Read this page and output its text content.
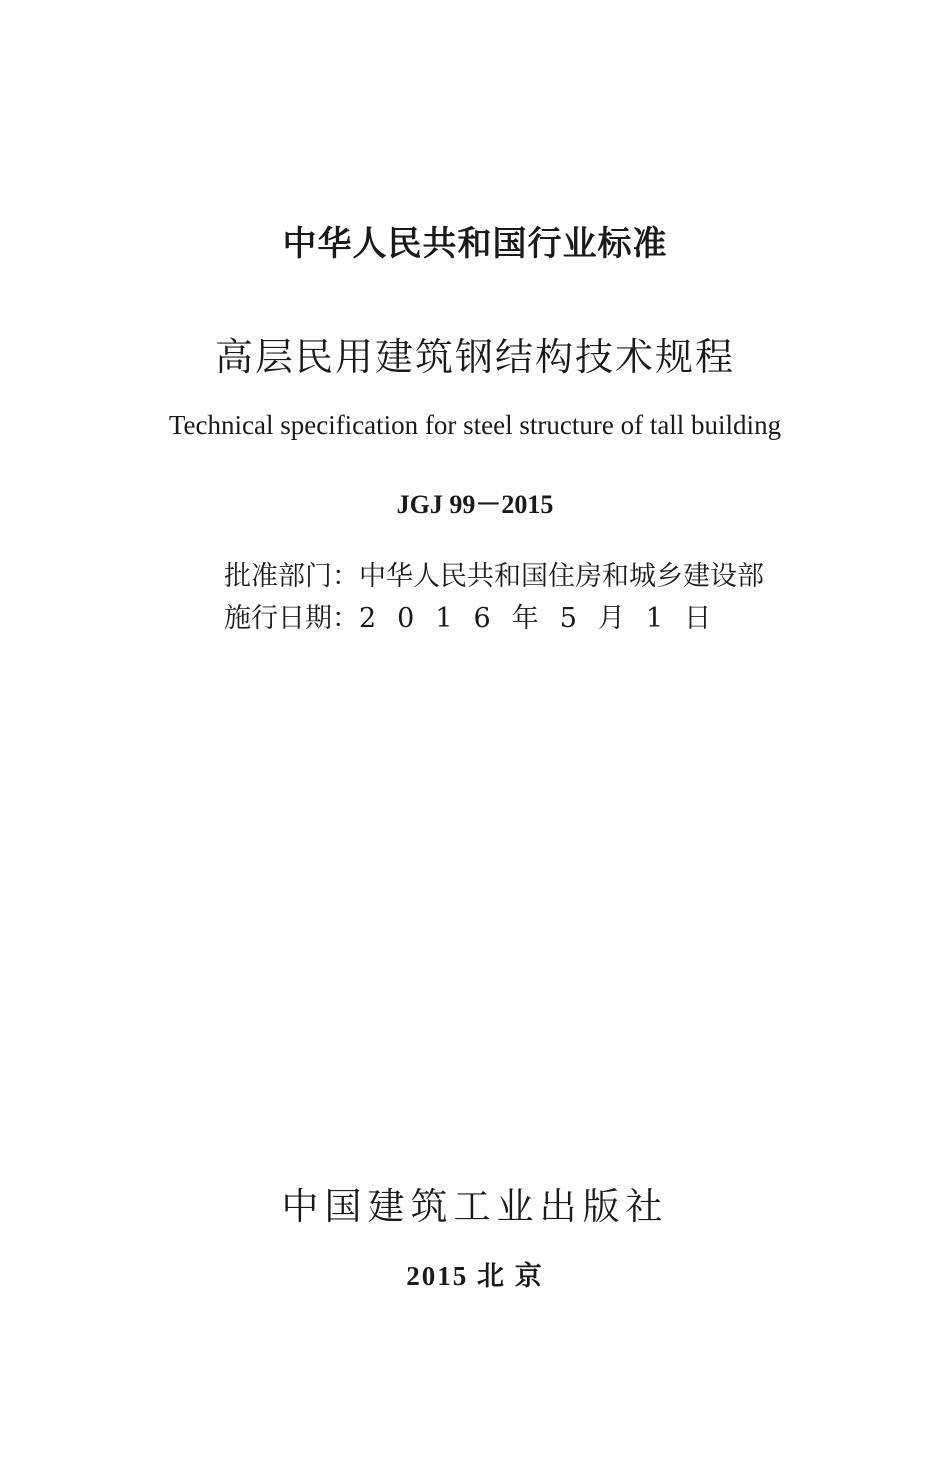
中华人民共和国行业标准
高层民用建筑钢结构技术规程
Technical specification for steel structure of tall building
JGJ 99－2015
批准部门：中华人民共和国住房和城乡建设部
施行日期：2016年5月1日
中国建筑工业出版社
2015 北 京
